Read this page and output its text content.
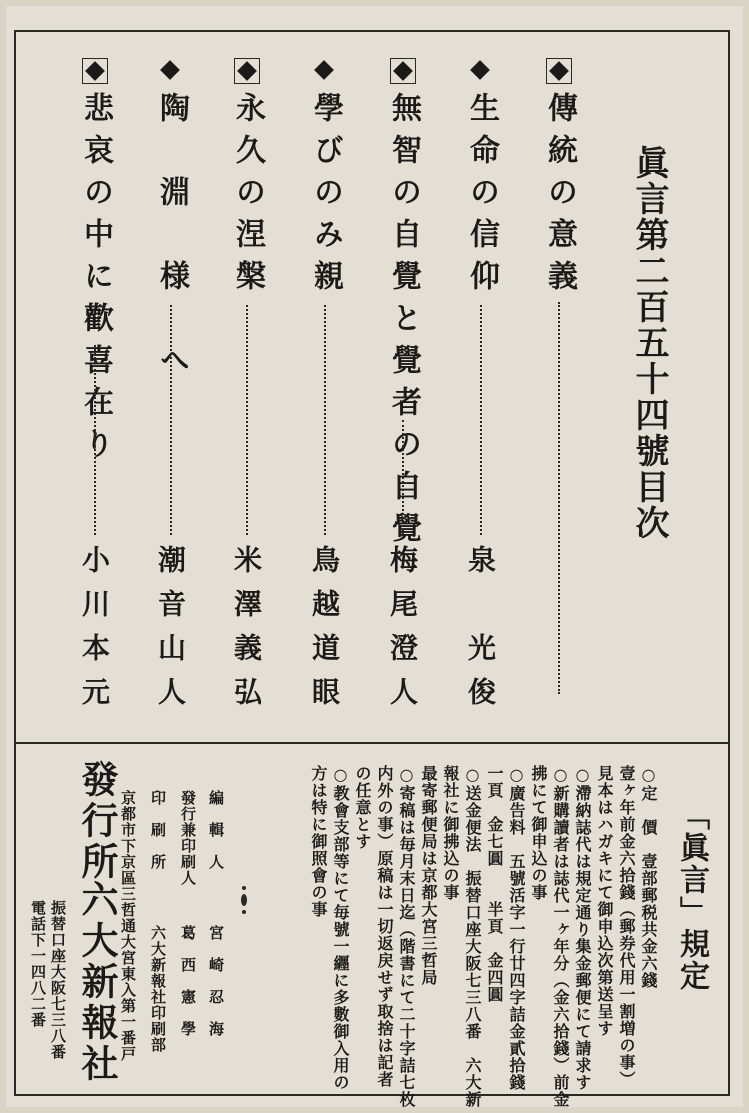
眞言第二百五十四號目次
傳統の意義
生命の信仰
泉　光俊
無智の自覺と覺者の自覺
梅尾澄人
學びのみ親
鳥越道眼
永久の涅槃
米澤義弘
陶　淵　様　へ
潮音山人
悲哀の中に歡喜在り
小川本元
「眞言」規定
○定　價　壹部郵税共金六錢
壹ヶ年前金六拾錢（郵券代用一割増の事）
見本はハガキにて御申込次第送呈す
○滯納誌代は規定通り集金郵便にて請求す
○新購讀者は誌代一ヶ年分（金六拾錢）前金
拂にて御申込の事
○廣告料　五號活字一行廿四字詰金貳拾錢
一頁　金七圓　　半頁　金四圓
○送金便法　振替口座大阪七三八番　六大新
報社に御拂込の事
最寄郵便局は京都大宮三哲局
○寄稿は毎月末日迄（階書にて二十字詰七枚
内外の事）原稿は一切返戻せず取捨は記者
の任意とす
○教會支部等にて毎號一纒に多數御入用の
方は特に御照會の事
編　輯　人
宮　崎　忍　海
發行兼印刷人
葛　西　憲　學
印　刷　所
六大新報社印刷部
京都市下京區三哲通大宮東入第一番戸
發行所
六大新報社
振替口座大阪七三八番
電話下一四八二番
